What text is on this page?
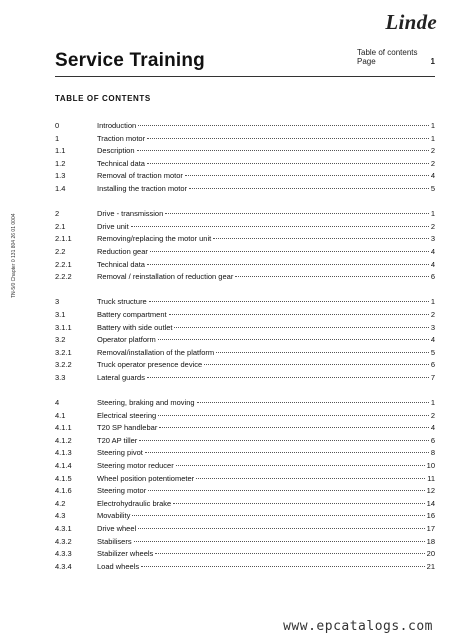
Linde
Service Training	Table of contents
Page	1
TABLE OF CONTENTS
TN-5/0 Chapter 0 131 804 26 01 0004
0	Introduction	1
1	Traction motor	1
1.1	Description	2
1.2	Technical data	2
1.3	Removal of traction motor	4
1.4	Installing the traction motor	5
2	Drive - transmission	1
2.1	Drive unit	2
2.1.1	Removing/replacing the motor unit	3
2.2	Reduction gear	4
2.2.1	Technical data	4
2.2.2	Removal / reinstallation of reduction gear	6
3	Truck structure	1
3.1	Battery compartment	2
3.1.1	Battery with side outlet	3
3.2	Operator platform	4
3.2.1	Removal/installation of the platform	5
3.2.2	Truck operator presence device	6
3.3	Lateral guards	7
4	Steering, braking and moving	1
4.1	Electrical steering	2
4.1.1	T20 SP handlebar	4
4.1.2	T20 AP tiller	6
4.1.3	Steering pivot	8
4.1.4	Steering motor reducer	10
4.1.5	Wheel position potentiometer	11
4.1.6	Steering motor	12
4.2	Electrohydraulic brake	14
4.3	Movability	16
4.3.1	Drive wheel	17
4.3.2	Stabilisers	18
4.3.3	Stabilizer wheels	20
4.3.4	Load wheels	21
www.epcatalogs.com
